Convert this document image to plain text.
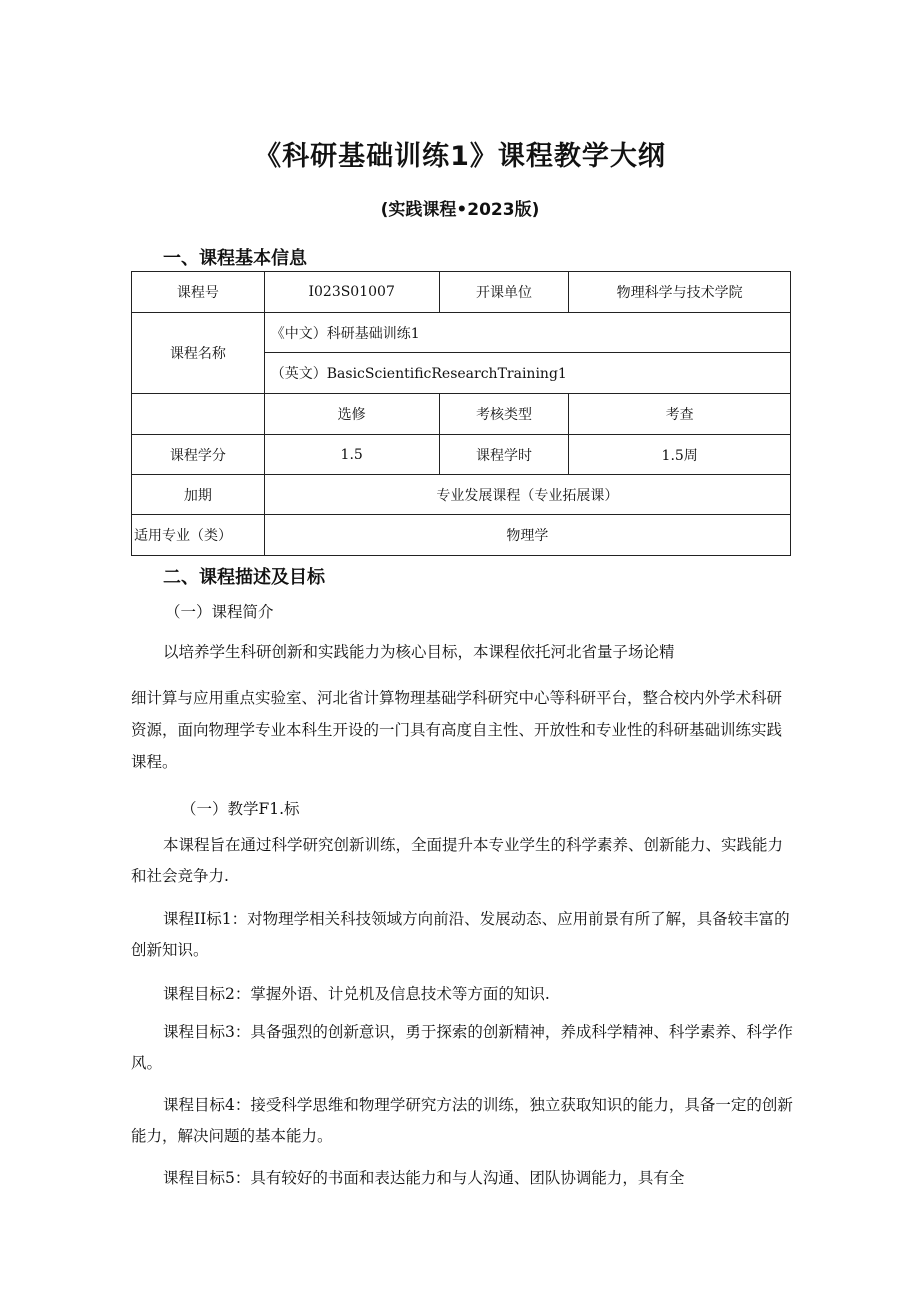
《科研基础训练1》课程教学大纲
(实践课程•2023版)
一、课程基本信息
课程号	I023S01007	开课单位	物理科学与技术学院
课程名称	《中文）科研基础训练1		
	（英文）BasicScientificResearchTraining1		
	选修	考核类型	考查
课程学分	1.5	课程学时	1.5周
加期	专业发展课程（专业拓展课）		
适用专业（类）	物理学		
二、课程描述及目标
（一）课程简介
以培养学生科研创新和实践能力为核心目标，本课程依托河北省量子场论精
细计算与应用重点实验室、河北省计算物理基础学科研究中心等科研平台，整合校内外学术科研资源，面向物理学专业本科生开设的一门具有高度自主性、开放性和专业性的科研基础训练实践课程。
（一）教学F1.标
本课程旨在通过科学研究创新训练，全面提升本专业学生的科学素养、创新能力、实践能力和社会竞争力.
课程II标1：对物理学相关科技领域方向前沿、发展动态、应用前景有所了解，具备较丰富的创新知识。
课程目标2：掌握外语、计兑机及信息技术等方面的知识.
课程目标3：具备强烈的创新意识，勇于探索的创新精神，养成科学精神、科学素养、科学作风。
课程目标4：接受科学思维和物理学研究方法的训练，独立获取知识的能力，具备一定的创新能力，解决问题的基本能力。
课程目标5：具有较好的书面和表达能力和与人沟通、团队协调能力，具有全
